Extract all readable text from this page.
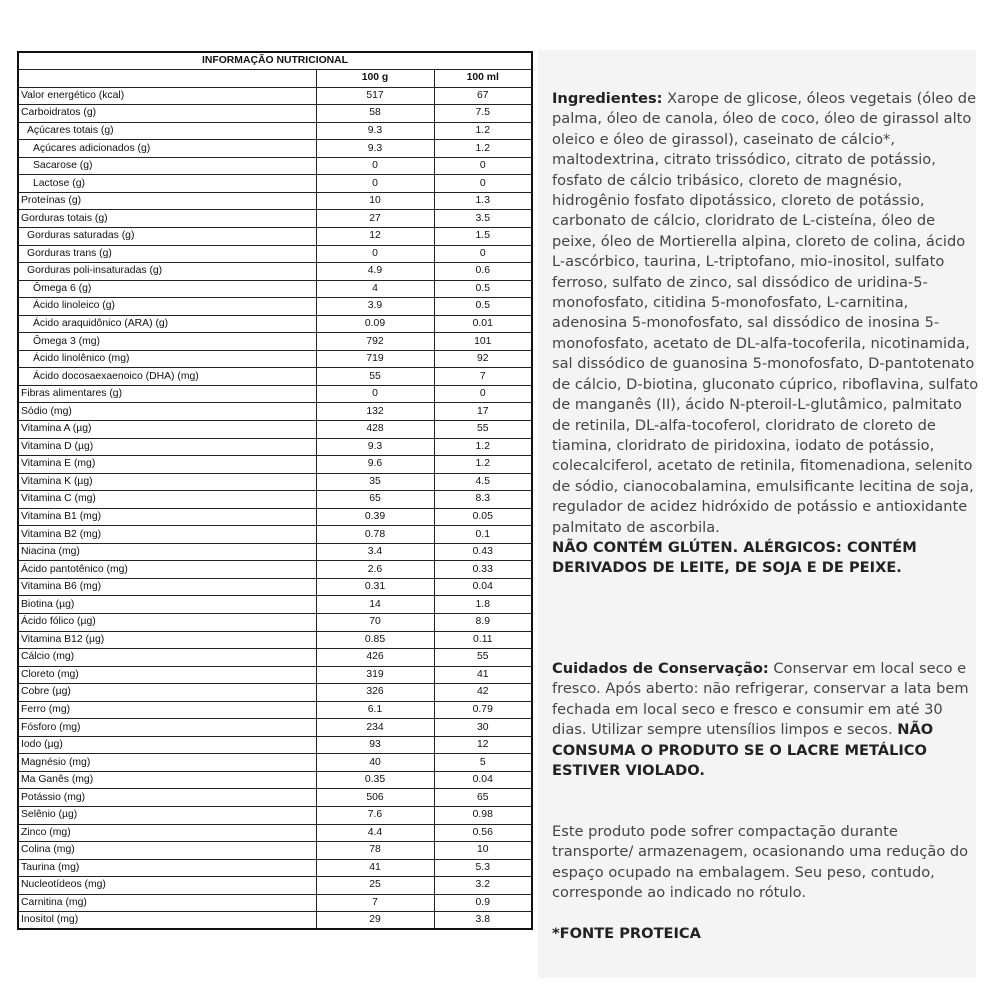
INFORMAÇÃO NUTRICIONAL		
	100 g	100 ml
Valor energético (kcal)	517	67
Carboidratos (g)	58	7.5
Açúcares totais (g)	9.3	1.2
Açúcares adicionados (g)	9.3	1.2
Sacarose (g)	0	0
Lactose (g)	0	0
Proteínas (g)	10	1.3
Gorduras totais (g)	27	3.5
Gorduras saturadas (g)	12	1.5
Gorduras trans (g)	0	0
Gorduras poli-insaturadas (g)	4.9	0.6
Ômega 6 (g)	4	0.5
Ácido linoleico (g)	3.9	0.5
Ácido araquidônico (ARA) (g)	0.09	0.01
Ômega 3 (mg)	792	101
Ácido linolênico (mg)	719	92
Ácido docosaexaenoico (DHA) (mg)	55	7
Fibras alimentares (g)	0	0
Sódio (mg)	132	17
Vitamina A (µg)	428	55
Vitamina D (µg)	9.3	1.2
Vitamina E (mg)	9.6	1.2
Vitamina K (µg)	35	4.5
Vitamina C (mg)	65	8.3
Vitamina B1 (mg)	0.39	0.05
Vitamina B2 (mg)	0.78	0.1
Niacina (mg)	3.4	0.43
Ácido pantotênico (mg)	2.6	0.33
Vitamina B6 (mg)	0.31	0.04
Biotina (µg)	14	1.8
Ácido fólico (µg)	70	8.9
Vitamina B12 (µg)	0.85	0.11
Cálcio (mg)	426	55
Cloreto (mg)	319	41
Cobre (µg)	326	42
Ferro (mg)	6.1	0.79
Fósforo (mg)	234	30
Iodo (µg)	93	12
Magnésio (mg)	40	5
Ma Ganês (mg)	0.35	0.04
Potássio (mg)	506	65
Selênio (µg)	7.6	0.98
Zinco (mg)	4.4	0.56
Colina (mg)	78	10
Taurina (mg)	41	5.3
Nucleotídeos (mg)	25	3.2
Carnitina (mg)	7	0.9
Inositol (mg)	29	3.8
Ingredientes: Xarope de glicose, óleos vegetais (óleo de palma, óleo de canola, óleo de coco, óleo de girassol alto oleico e óleo de girassol), caseinato de cálcio*, maltodextrina, citrato trissódico, citrato de potássio, fosfato de cálcio tribásico, cloreto de magnésio, hidrogênio fosfato dipotássico, cloreto de potássio, carbonato de cálcio, cloridrato de L-cisteína, óleo de peixe, óleo de Mortierella alpina, cloreto de colina, ácido L-ascórbico, taurina, L-triptofano, mio-inositol, sulfato ferroso, sulfato de zinco, sal dissódico de uridina-5-monofosfato, citidina 5-monofosfato, L-carnitina, adenosina 5-monofosfato, sal dissódico de inosina 5-monofosfato, acetato de DL-alfa-tocoferila, nicotinamida, sal dissódico de guanosina 5-monofosfato, D-pantotenato de cálcio, D-biotina, gluconato cúprico, riboflavina, sulfato de manganês (II), ácido N-pteroil-L-glutâmico, palmitato de retinila, DL-alfa-tocoferol, cloridrato de cloreto de tiamina, cloridrato de piridoxina, iodato de potássio, colecalciferol, acetato de retinila, fitomenadiona, selenito de sódio, cianocobalamina, emulsificante lecitina de soja, regulador de acidez hidróxido de potássio e antioxidante palmitato de ascorbila.
NÃO CONTÉM GLÚTEN. ALÉRGICOS: CONTÉM
DERIVADOS DE LEITE, DE SOJA E DE PEIXE.
Cuidados de Conservação: Conservar em local seco e fresco. Após aberto: não refrigerar, conservar a lata bem fechada em local seco e fresco e consumir em até 30 dias. Utilizar sempre utensílios limpos e secos. NÃO CONSUMA O PRODUTO SE O LACRE METÁLICO ESTIVER VIOLADO.
Este produto pode sofrer compactação durante transporte/ armazenagem, ocasionando uma redução do espaço ocupado na embalagem. Seu peso, contudo, corresponde ao indicado no rótulo.
*FONTE PROTEICA
